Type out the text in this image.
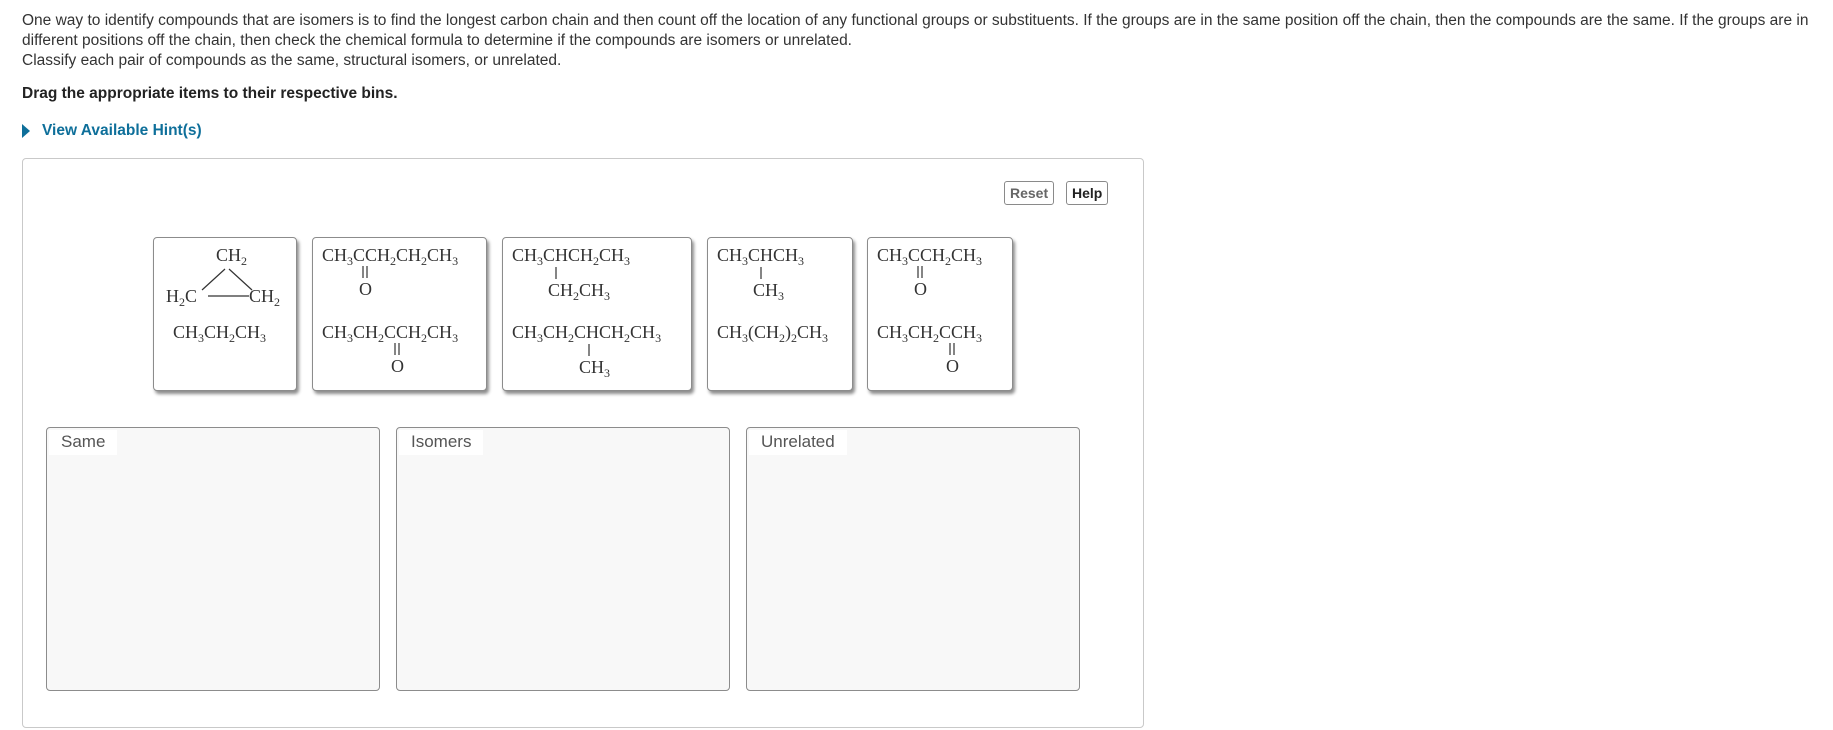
One way to identify compounds that are isomers is to find the longest carbon chain and then count off the location of any functional groups or substituents. If the groups are in the same position off the chain, then the compounds are the same. If the groups are in different positions off the chain, then check the chemical formula to determine if the compounds are isomers or unrelated.

Classify each pair of compounds as the same, structural isomers, or unrelated.

Drag the appropriate items to their respective bins.
View Available Hint(s)
Reset	Help
$CH_2$
$H_2C$	$CH_2$
$CH_3CH_2CH_3$
$CH_3CCH_2CH_2CH_3$
O
$CH_3CH_2CCH_2CH_3$
O
$CH_3CHCH_2CH_3$
$CH_2CH_3$
$CH_3CH_2CHCH_2CH_3$
$CH_3$
$CH_3CHCH_3$
$CH_3$
$CH_3(CH_2)_2CH_3$
$CH_3CCH_2CH_3$
O
$CH_3CH_2CCH_3$
O
Same	Isomers	Unrelated
